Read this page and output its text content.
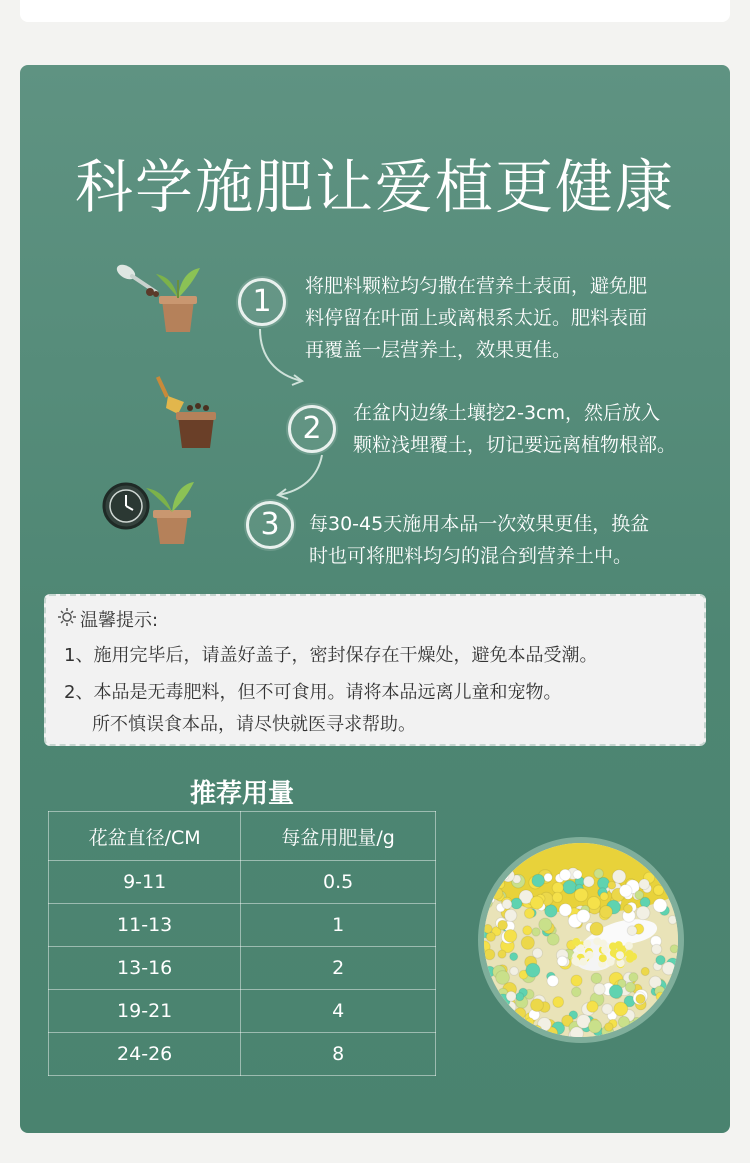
科学施肥让爱植更健康
1	将肥料颗粒均匀撒在营养土表面，避免肥
料停留在叶面上或离根系太近。肥料表面
再覆盖一层营养土，效果更佳。
2	在盆内边缘土壤挖2-3cm，然后放入
颗粒浅埋覆土，切记要远离植物根部。
3	每30-45天施用本品一次效果更佳，换盆
时也可将肥料均匀的混合到营养土中。
温馨提示:
1、施用完毕后，请盖好盖子，密封保存在干燥处，避免本品受潮。
2、本品是无毒肥料，但不可食用。请将本品远离儿童和宠物。
所不慎误食本品，请尽快就医寻求帮助。
推荐用量
花盆直径/CM	每盆用肥量/g
9-11	0.5
11-13	1
13-16	2
19-21	4
24-26	8
